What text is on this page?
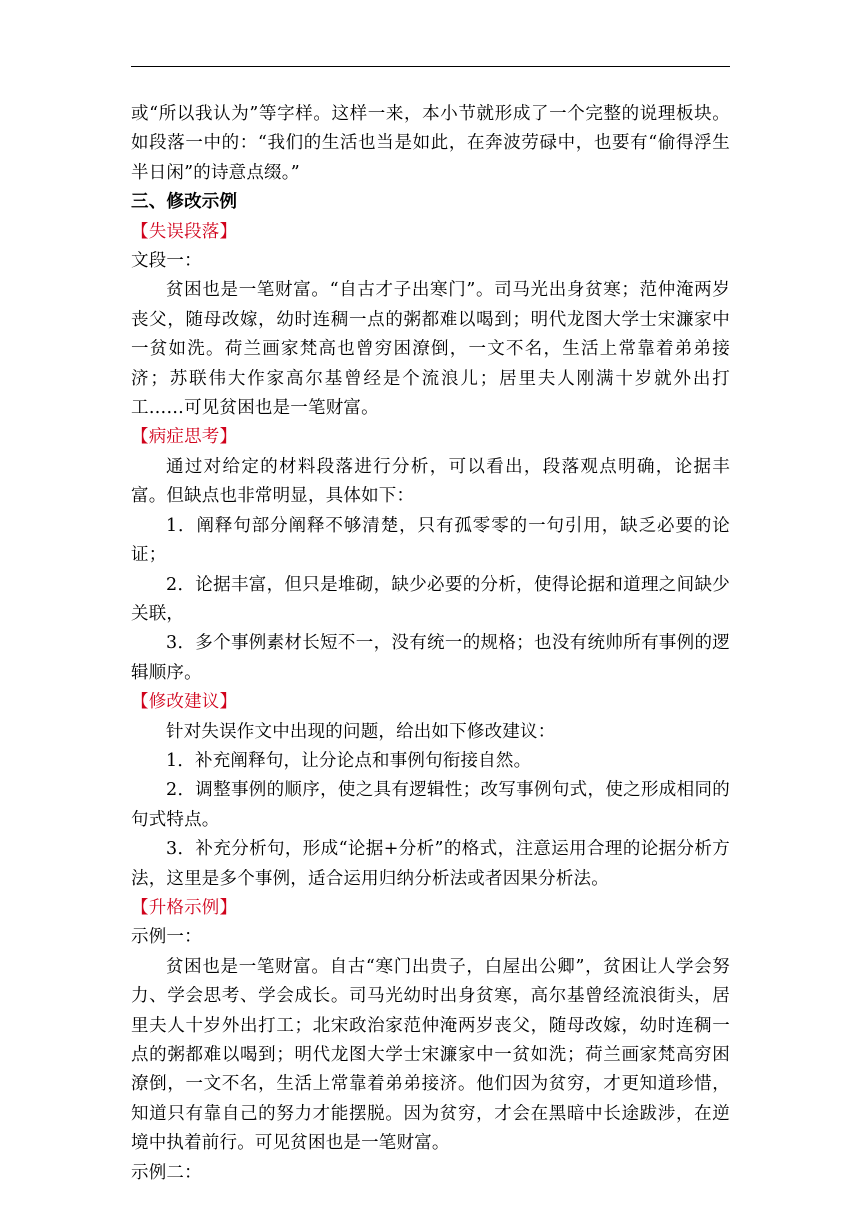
或“所以我认为”等字样。这样一来，本小节就形成了一个完整的说理板块。如段落一中的：“我们的生活也当是如此，在奔波劳碌中，也要有“偷得浮生半日闲”的诗意点缀。”

三、修改示例

【失误段落】

文段一：

贫困也是一笔财富。“自古才子出寒门”。司马光出身贫寒；范仲淹两岁丧父，随母改嫁，幼时连稠一点的粥都难以喝到；明代龙图大学士宋濂家中一贫如洗。荷兰画家梵高也曾穷困潦倒，一文不名，生活上常靠着弟弟接济；苏联伟大作家高尔基曾经是个流浪儿；居里夫人刚满十岁就外出打工……可见贫困也是一笔财富。

【病症思考】

通过对给定的材料段落进行分析，可以看出，段落观点明确，论据丰富。但缺点也非常明显，具体如下：

1．阐释句部分阐释不够清楚，只有孤零零的一句引用，缺乏必要的论证；

2．论据丰富，但只是堆砌，缺少必要的分析，使得论据和道理之间缺少关联，

3．多个事例素材长短不一，没有统一的规格；也没有统帅所有事例的逻辑顺序。

【修改建议】

针对失误作文中出现的问题，给出如下修改建议：

1．补充阐释句，让分论点和事例句衔接自然。

2．调整事例的顺序，使之具有逻辑性；改写事例句式，使之形成相同的句式特点。

3．补充分析句，形成“论据+分析”的格式，注意运用合理的论据分析方法，这里是多个事例，适合运用归纳分析法或者因果分析法。

【升格示例】

示例一：

贫困也是一笔财富。自古“寒门出贵子，白屋出公卿”，贫困让人学会努力、学会思考、学会成长。司马光幼时出身贫寒，高尔基曾经流浪街头，居里夫人十岁外出打工；北宋政治家范仲淹两岁丧父，随母改嫁，幼时连稠一点的粥都难以喝到；明代龙图大学士宋濂家中一贫如洗；荷兰画家梵高穷困潦倒，一文不名，生活上常靠着弟弟接济。他们因为贫穷，才更知道珍惜，知道只有靠自己的努力才能摆脱。因为贫穷，才会在黑暗中长途跋涉，在逆境中执着前行。可见贫困也是一笔财富。

示例二：
